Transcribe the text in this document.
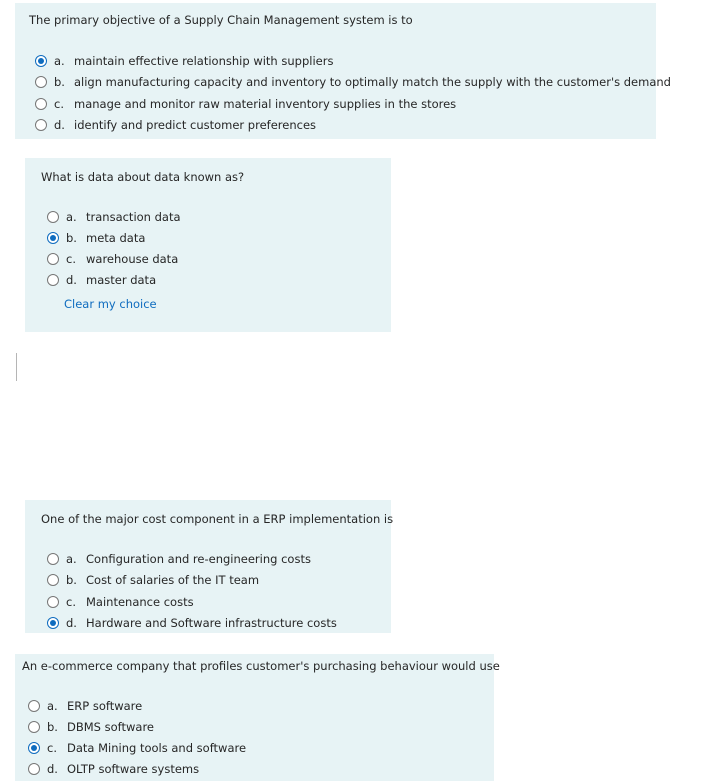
The primary objective of a Supply Chain Management system is to
a. maintain effective relationship with suppliers
b. align manufacturing capacity and inventory to optimally match the supply with the customer's demand
c. manage and monitor raw material inventory supplies in the stores
d. identify and predict customer preferences
What is data about data known as?
a. transaction data
b. meta data
c. warehouse data
d. master data
Clear my choice
One of the major cost component in a ERP implementation is
a. Configuration and re-engineering costs
b. Cost of salaries of the IT team
c. Maintenance costs
d. Hardware and Software infrastructure costs
An e-commerce company that profiles customer's purchasing behaviour would use
a. ERP software
b. DBMS software
c. Data Mining tools and software
d. OLTP software systems
